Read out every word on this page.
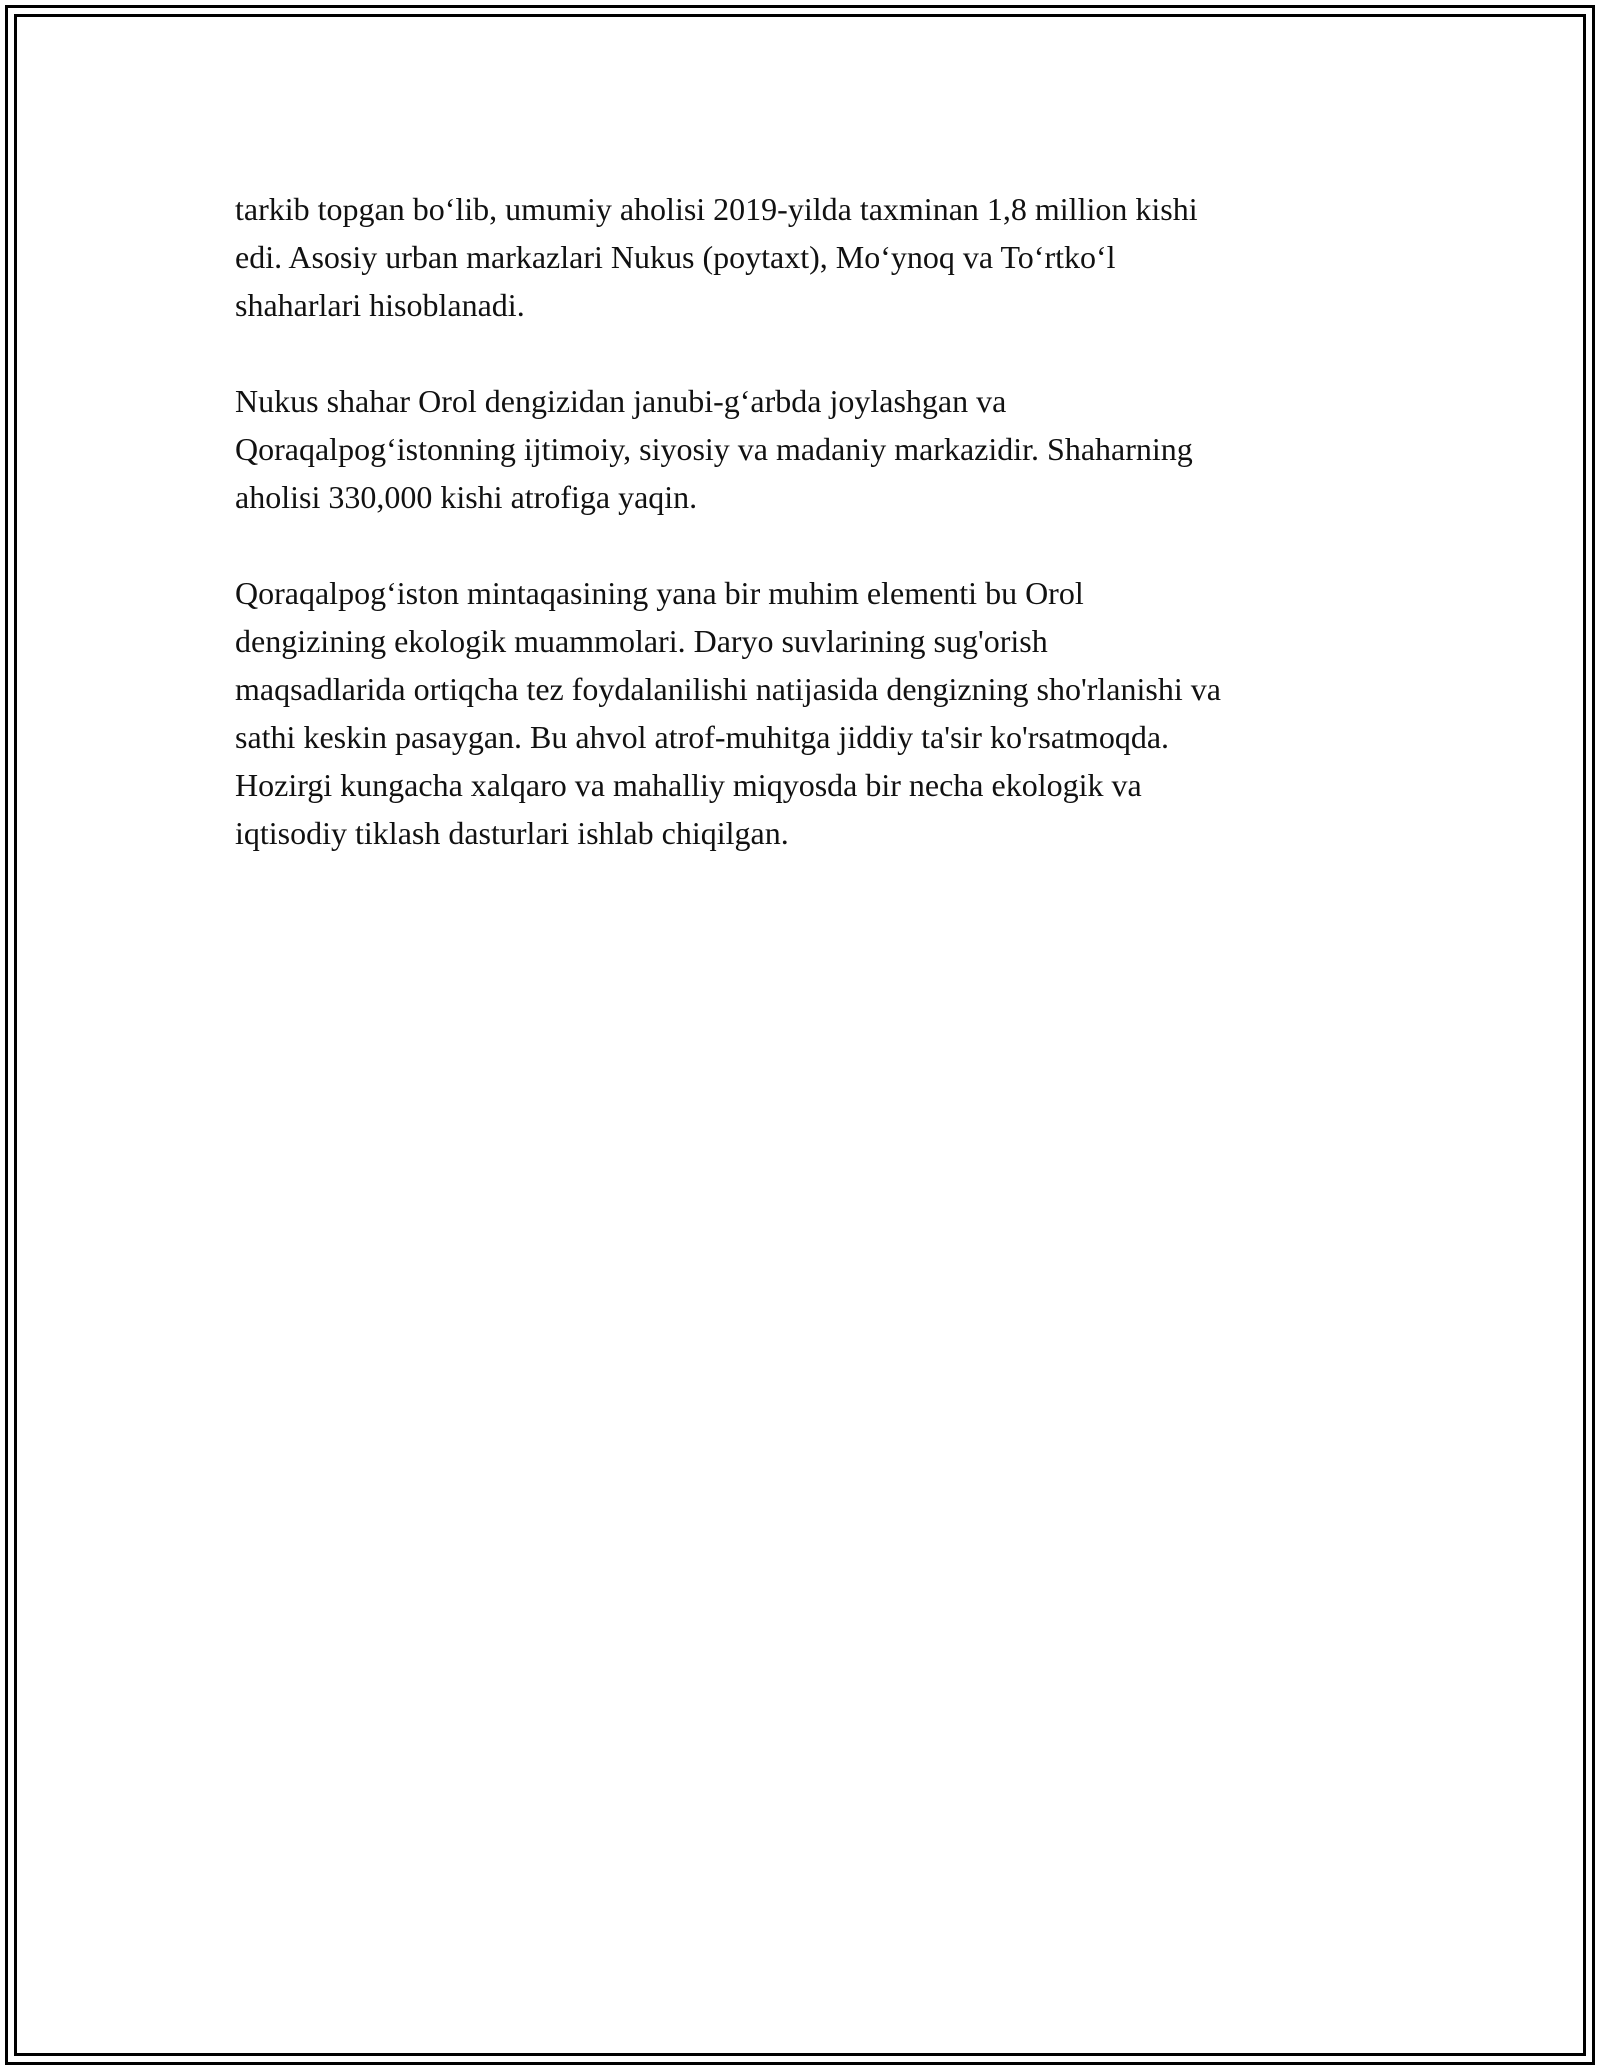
tarkib topgan bo‘lib, umumiy aholisi 2019-yilda taxminan 1,8 million kishi
edi. Asosiy urban markazlari Nukus (poytaxt), Mo‘ynoq va To‘rtko‘l
shaharlari hisoblanadi.

Nukus shahar Orol dengizidan janubi-g‘arbda joylashgan va
Qoraqalpog‘istonning ijtimoiy, siyosiy va madaniy markazidir. Shaharning
aholisi 330,000 kishi atrofiga yaqin.

Qoraqalpog‘iston mintaqasining yana bir muhim elementi bu Orol
dengizining ekologik muammolari. Daryo suvlarining sug'orish
maqsadlarida ortiqcha tez foydalanilishi natijasida dengizning sho'rlanishi va
sathi keskin pasaygan. Bu ahvol atrof-muhitga jiddiy ta'sir ko'rsatmoqda.
Hozirgi kungacha xalqaro va mahalliy miqyosda bir necha ekologik va
iqtisodiy tiklash dasturlari ishlab chiqilgan.
